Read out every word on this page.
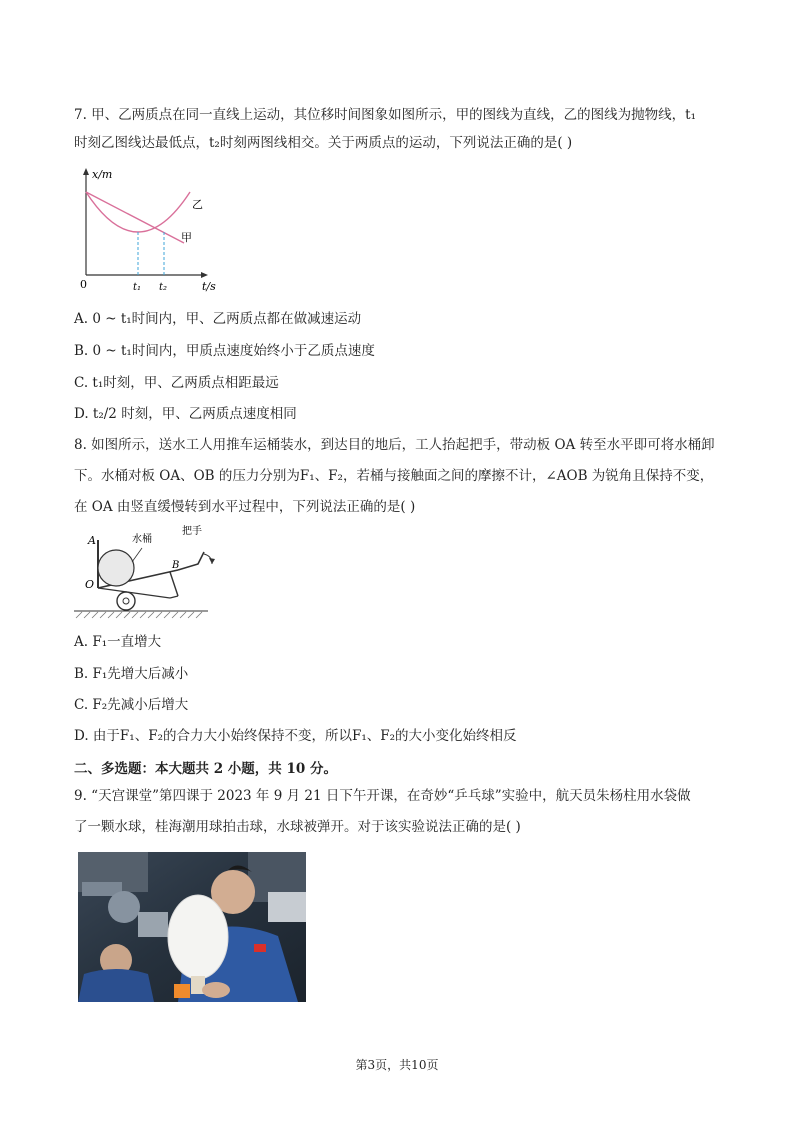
7. 甲、乙两质点在同一直线上运动，其位移时间图象如图所示，甲的图线为直线，乙的图线为抛物线，t₁
时刻乙图线达最低点，t₂时刻两图线相交。关于两质点的运动，下列说法正确的是( )
x/m
t/s
0	t₁ t₂
乙
甲
A. 0 ~ t₁时间内，甲、乙两质点都在做减速运动
B. 0 ~ t₁时间内，甲质点速度始终小于乙质点速度
C. t₁时刻，甲、乙两质点相距最远
D. t₂/2 时刻，甲、乙两质点速度相同
8. 如图所示，送水工人用推车运桶装水，到达目的地后，工人抬起把手，带动板 OA 转至水平即可将水桶卸
下。水桶对板 OA、OB 的压力分别为F₁、F₂，若桶与接触面之间的摩擦不计，∠AOB 为锐角且保持不变，
在 OA 由竖直缓慢转到水平过程中，下列说法正确的是( )
A
O
B
水桶
把手
A. F₁一直增大
B. F₁先增大后减小
C. F₂先减小后增大
D. 由于F₁、F₂的合力大小始终保持不变，所以F₁、F₂的大小变化始终相反
二、多选题：本大题共 2 小题，共 10 分。
9. “天宫课堂”第四课于 2023 年 9 月 21 日下午开课，在奇妙“乒乓球”实验中，航天员朱杨柱用水袋做
了一颗水球，桂海潮用球拍击球，水球被弹开。对于该实验说法正确的是( )
第3页，共10页
